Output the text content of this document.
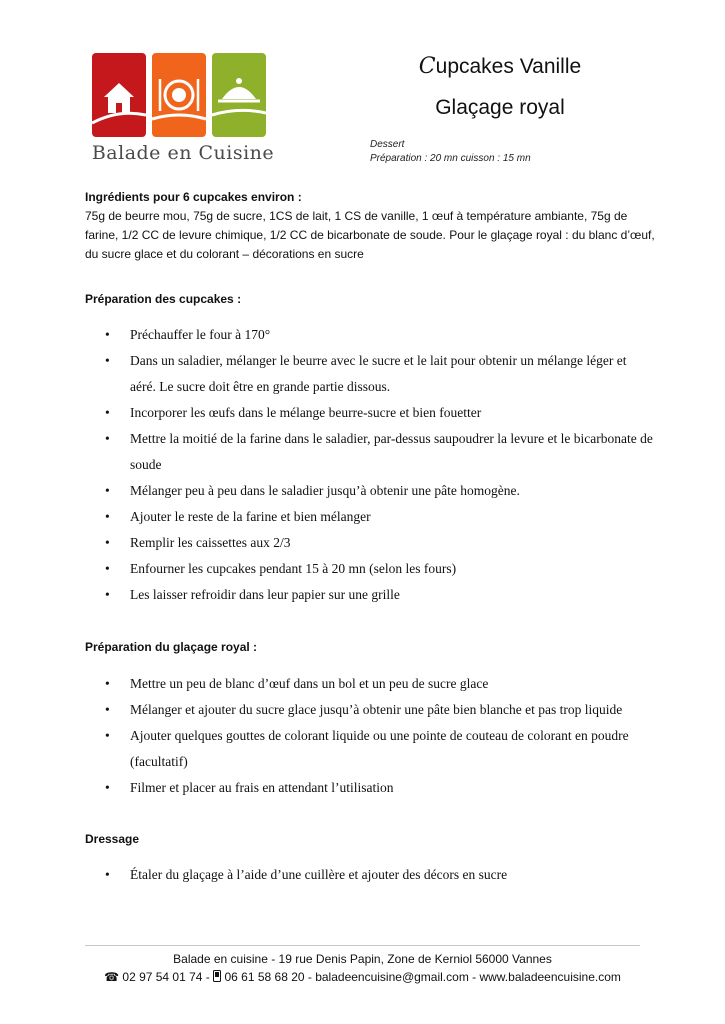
Balade en Cuisine
Cupcakes Vanille
Glaçage royal
Dessert
Préparation : 20 mn cuisson : 15 mn
Ingrédients pour 6 cupcakes environ :
75g de beurre mou, 75g de sucre, 1CS de lait, 1 CS de vanille, 1 œuf à température ambiante, 75g de farine, 1/2 CC de levure chimique, 1/2 CC de bicarbonate de soude. Pour le glaçage royal : du blanc d’œuf, du sucre glace et du colorant – décorations en sucre
Préparation des cupcakes :
• Préchauffer le four à 170°
• Dans un saladier, mélanger le beurre avec le sucre et le lait pour obtenir un mélange léger et aéré. Le sucre doit être en grande partie dissous.
• Incorporer les œufs dans le mélange beurre-sucre et bien fouetter
• Mettre la moitié de la farine dans le saladier, par-dessus saupoudrer la levure et le bicarbonate de soude
• Mélanger peu à peu dans le saladier jusqu’à obtenir une pâte homogène.
• Ajouter le reste de la farine et bien mélanger
• Remplir les caissettes aux 2/3
• Enfourner les cupcakes pendant 15 à 20 mn (selon les fours)
• Les laisser refroidir dans leur papier sur une grille
Préparation du glaçage royal :
• Mettre un peu de blanc d’œuf dans un bol et un peu de sucre glace
• Mélanger et ajouter du sucre glace jusqu’à obtenir une pâte bien blanche et pas trop liquide
• Ajouter quelques gouttes de colorant liquide ou une pointe de couteau de colorant en poudre (facultatif)
• Filmer et placer au frais en attendant l’utilisation
Dressage
• Étaler du glaçage à l’aide d’une cuillère et ajouter des décors en sucre
Balade en cuisine - 19 rue Denis Papin, Zone de Kerniol 56000 Vannes
☎ 02 97 54 01 74 -  06 61 58 68 20 - baladeencuisine@gmail.com - www.baladeencuisine.com
